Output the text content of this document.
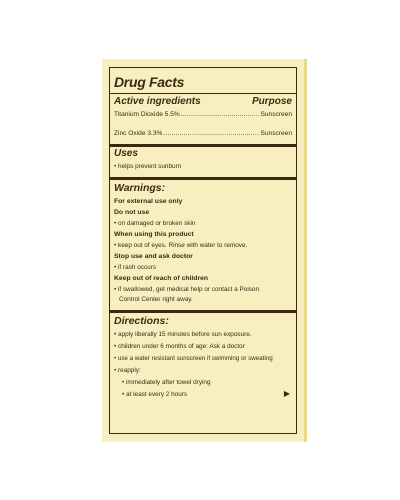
Drug Facts
Active ingredients	Purpose
Titanium Dioxide 5.5% .....	Sunscreen
Zinc Oxide 3.3% .....	Sunscreen
Uses
• helps prevent sunburn
Warnings:
For external use only
Do not use
• on damaged or broken skin
When using this product
• keep out of eyes. Rinse with water to remove.
Stop use and ask doctor
• if rash occurs
Keep out of reach of children
• if swallowed, get medical help or contact a Poison
Control Center right away.
Directions:
• apply liberally 15 minutes before sun exposure.
• children under 6 months of age: Ask a doctor
• use a water resistant sunscreen if swimming or sweating
• reapply:
• immediately after towel drying
• at least every 2 hours	▶
